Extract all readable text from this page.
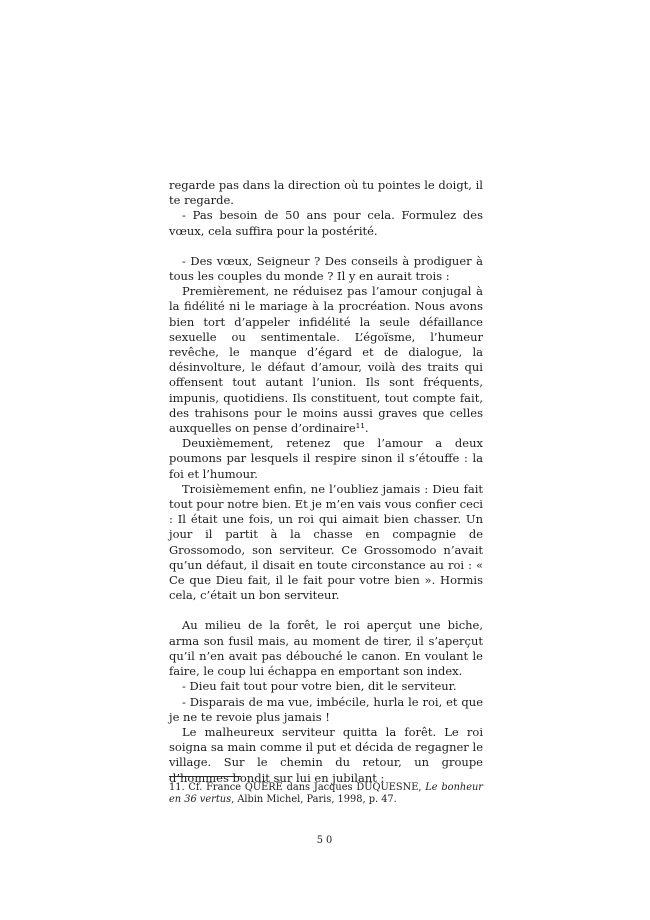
regarde pas dans la direction où tu pointes le doigt, il te regarde.

- Pas besoin de 50 ans pour cela. Formulez des vœux, cela suffira pour la postérité.

- Des vœux, Seigneur ? Des conseils à prodiguer à tous les couples du monde ? Il y en aurait trois :

Premièrement, ne réduisez pas l’amour conjugal à la fidélité ni le mariage à la procréation. Nous avons bien tort d’appeler infidélité la seule défaillance sexuelle ou sentimentale. L’égoïsme, l’humeur revêche, le manque d’égard et de dialogue, la désinvolture, le défaut d’amour, voilà des traits qui offensent tout autant l’union. Ils sont fréquents, impunis, quotidiens. Ils constituent, tout compte fait, des trahisons pour le moins aussi graves que celles auxquelles on pense d’ordinaire¹¹.

Deuxièmement, retenez que l’amour a deux poumons par lesquels il respire sinon il s’étouffe : la foi et l’humour.

Troisièmement enfin, ne l’oubliez jamais : Dieu fait tout pour notre bien. Et je m’en vais vous confier ceci : Il était une fois, un roi qui aimait bien chasser. Un jour il partit à la chasse en compagnie de Grossomodo, son serviteur. Ce Grossomodo n’avait qu’un défaut, il disait en toute circonstance au roi : « Ce que Dieu fait, il le fait pour votre bien ». Hormis cela, c’était un bon serviteur.

Au milieu de la forêt, le roi aperçut une biche, arma son fusil mais, au moment de tirer, il s’aperçut qu’il n’en avait pas débouché le canon. En voulant le faire, le coup lui échappa en emportant son index.

- Dieu fait tout pour votre bien, dit le serviteur.

- Disparais de ma vue, imbécile, hurla le roi, et que je ne te revoie plus jamais !

Le malheureux serviteur quitta la forêt. Le roi soigna sa main comme il put et décida de regagner le village. Sur le chemin du retour, un groupe d’hommes bondit sur lui en jubilant :

11. Cf. France QUÉRÉ dans Jacques DUQUESNE, Le bonheur en 36 vertus, Albin Michel, Paris, 1998, p. 47.

50
